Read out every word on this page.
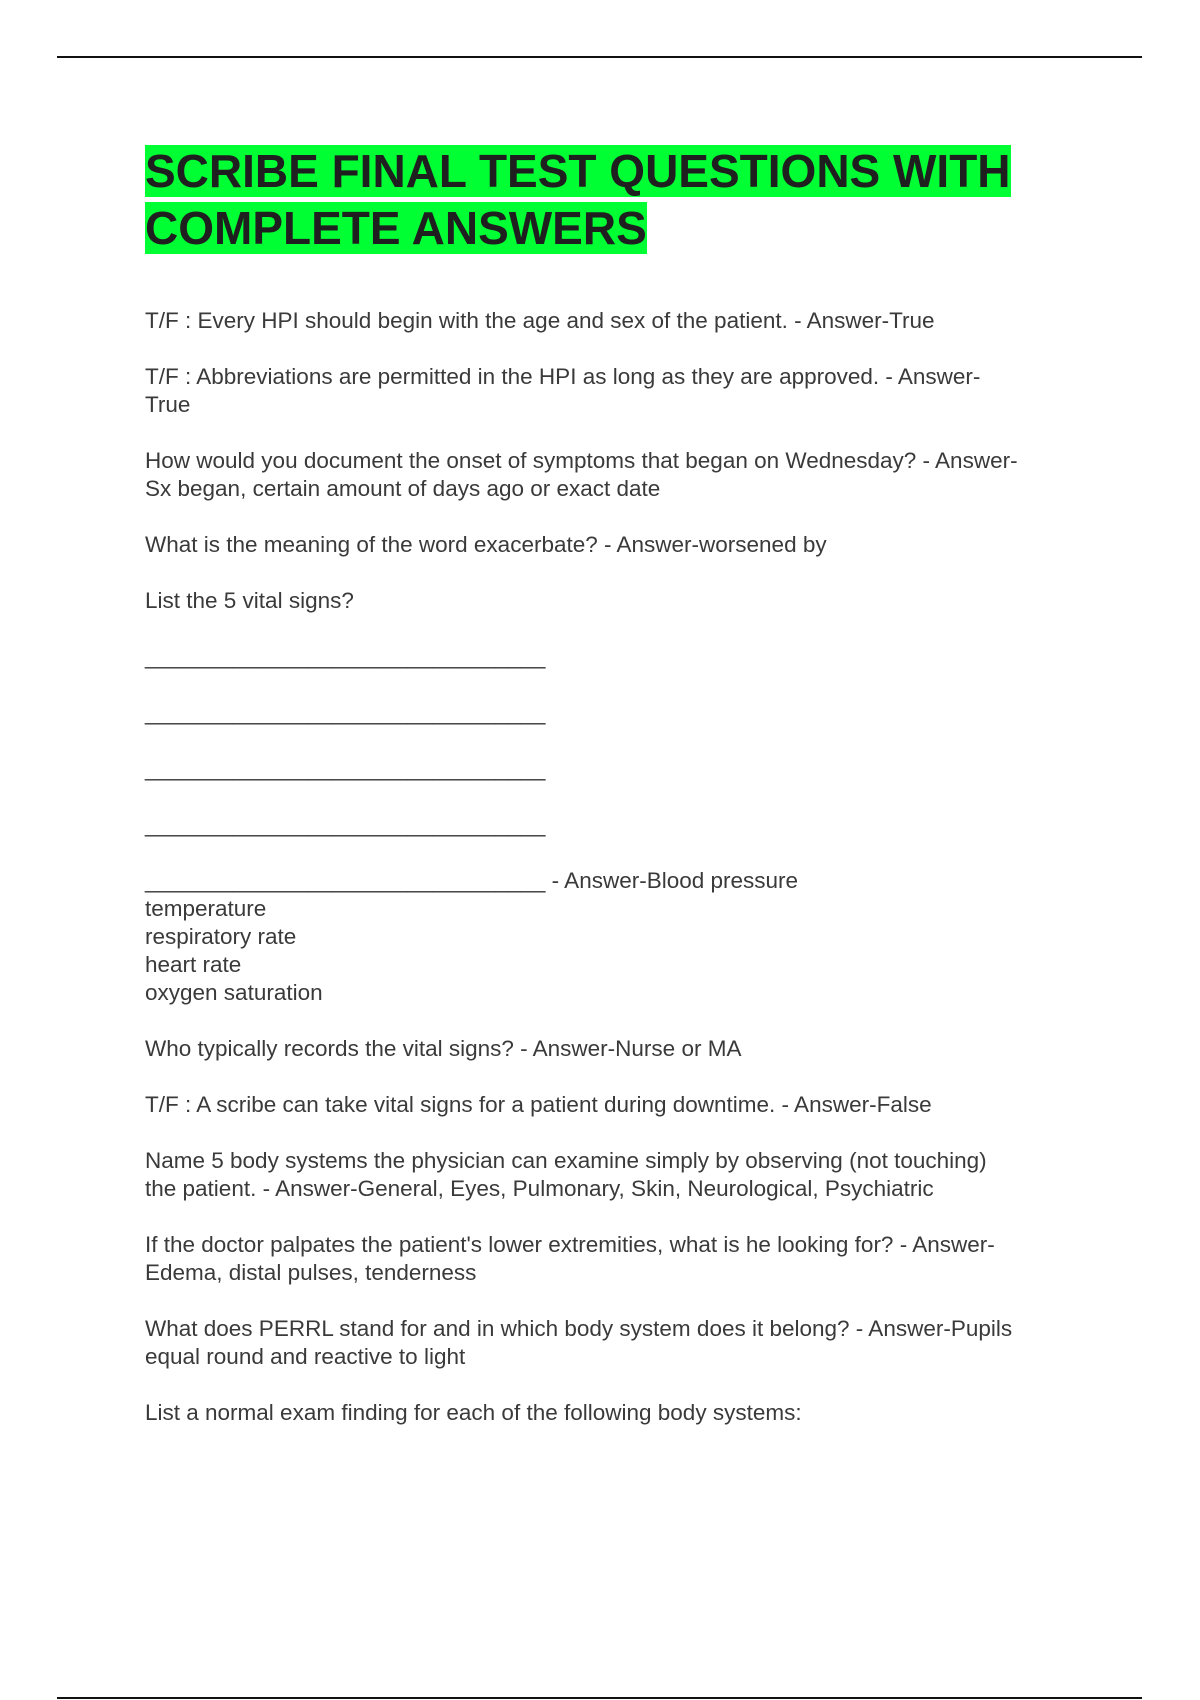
SCRIBE FINAL TEST QUESTIONS WITH
COMPLETE ANSWERS

T/F : Every HPI should begin with the age and sex of the patient. - Answer-True

T/F : Abbreviations are permitted in the HPI as long as they are approved. - Answer-
True

How would you document the onset of symptoms that began on Wednesday? - Answer-
Sx began, certain amount of days ago or exact date

What is the meaning of the word exacerbate? - Answer-worsened by

List the 5 vital signs?

________________________________

________________________________

________________________________

________________________________

________________________________ - Answer-Blood pressure
temperature
respiratory rate
heart rate
oxygen saturation

Who typically records the vital signs? - Answer-Nurse or MA

T/F : A scribe can take vital signs for a patient during downtime. - Answer-False

Name 5 body systems the physician can examine simply by observing (not touching)
the patient. - Answer-General, Eyes, Pulmonary, Skin, Neurological, Psychiatric

If the doctor palpates the patient's lower extremities, what is he looking for? - Answer-
Edema, distal pulses, tenderness

What does PERRL stand for and in which body system does it belong? - Answer-Pupils
equal round and reactive to light

List a normal exam finding for each of the following body systems:
